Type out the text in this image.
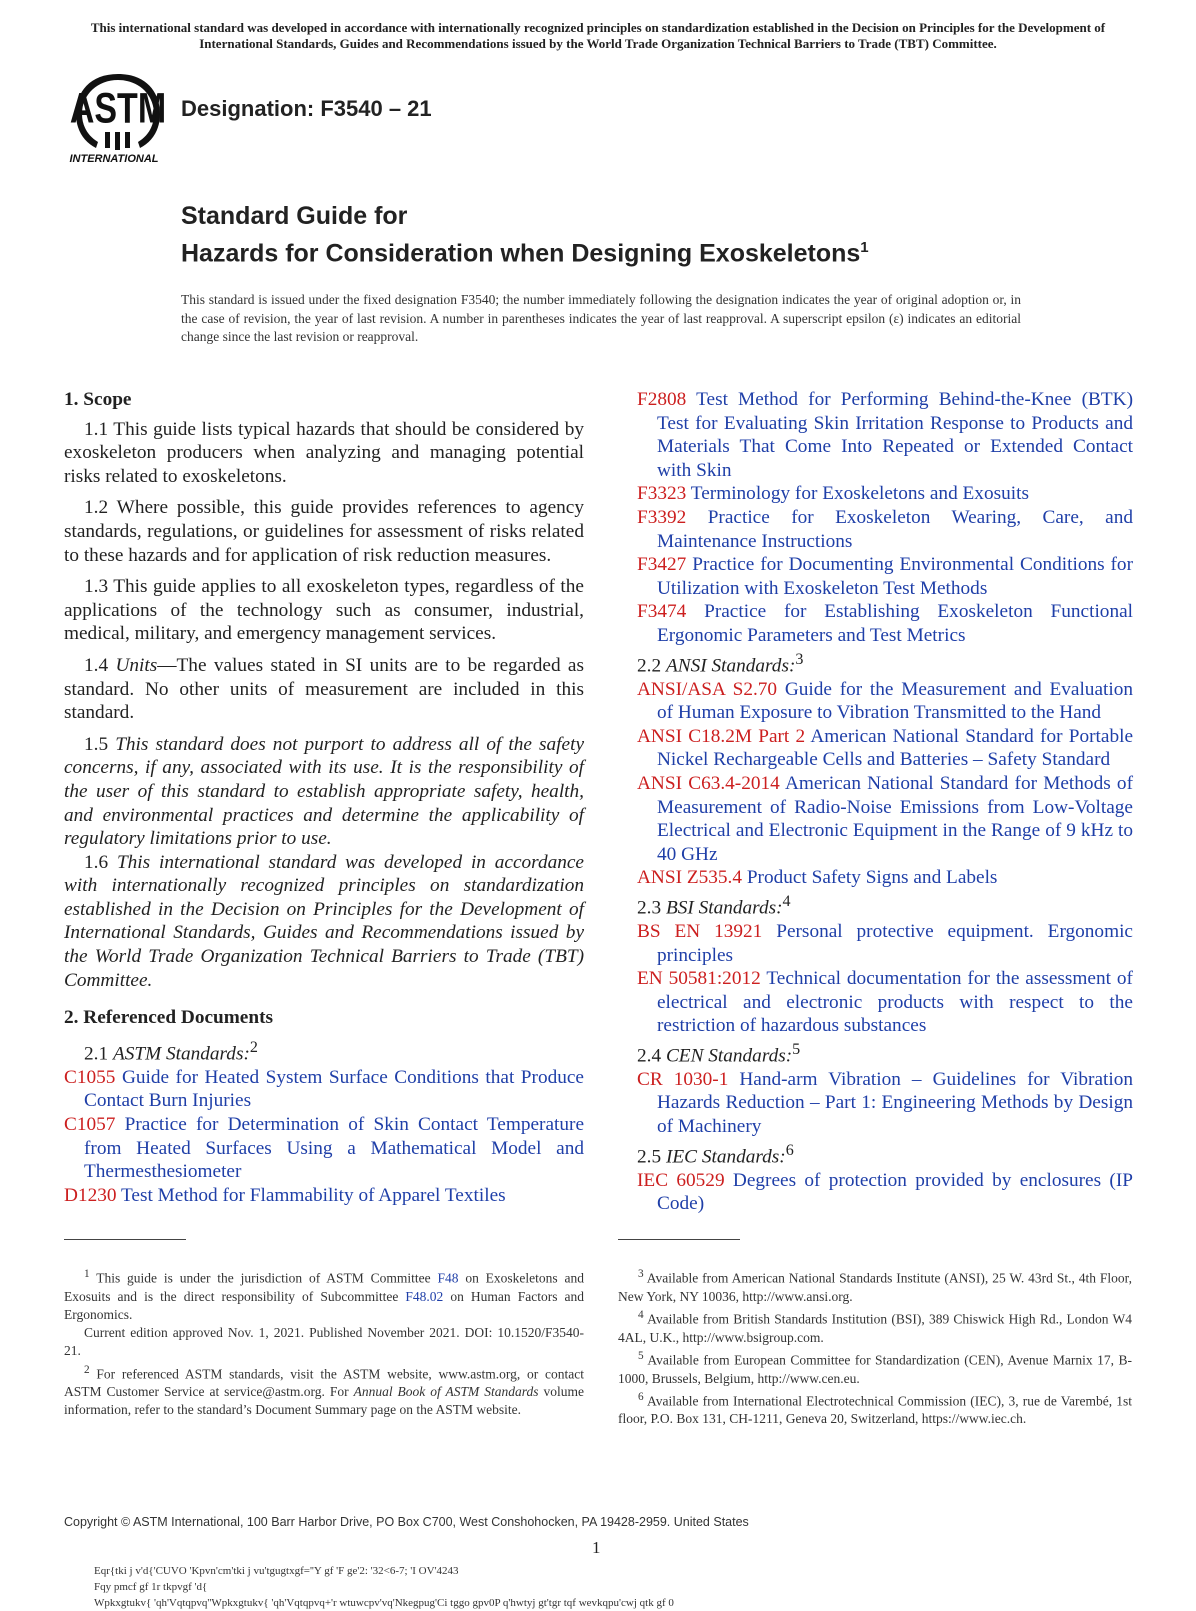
This international standard was developed in accordance with internationally recognized principles on standardization established in the Decision on Principles for the Development of International Standards, Guides and Recommendations issued by the World Trade Organization Technical Barriers to Trade (TBT) Committee.
ASTM
INTERNATIONAL
Designation: F3540 – 21
Standard Guide for
Hazards for Consideration when Designing Exoskeletons$^1$
This standard is issued under the fixed designation F3540; the number immediately following the designation indicates the year of original adoption or, in the case of revision, the year of last revision. A number in parentheses indicates the year of last reapproval. A superscript epsilon (ε) indicates an editorial change since the last revision or reapproval.
1. Scope

1.1 This guide lists typical hazards that should be considered by exoskeleton producers when analyzing and managing potential risks related to exoskeletons.

1.2 Where possible, this guide provides references to agency standards, regulations, or guidelines for assessment of risks related to these hazards and for application of risk reduction measures.

1.3 This guide applies to all exoskeleton types, regardless of the applications of the technology such as consumer, industrial, medical, military, and emergency management services.

1.4 Units—The values stated in SI units are to be regarded as standard. No other units of measurement are included in this standard.

1.5 This standard does not purport to address all of the safety concerns, if any, associated with its use. It is the responsibility of the user of this standard to establish appropriate safety, health, and environmental practices and determine the applicability of regulatory limitations prior to use.

1.6 This international standard was developed in accordance with internationally recognized principles on standardization established in the Decision on Principles for the Development of International Standards, Guides and Recommendations issued by the World Trade Organization Technical Barriers to Trade (TBT) Committee.

2. Referenced Documents

2.1 ASTM Standards:$^2$

C1055 Guide for Heated System Surface Conditions that Produce Contact Burn Injuries

C1057 Practice for Determination of Skin Contact Temperature from Heated Surfaces Using a Mathematical Model and Thermesthesiometer

D1230 Test Method for Flammability of Apparel Textiles

F2808 Test Method for Performing Behind-the-Knee (BTK) Test for Evaluating Skin Irritation Response to Products and Materials That Come Into Repeated or Extended Contact with Skin

F3323 Terminology for Exoskeletons and Exosuits

F3392 Practice for Exoskeleton Wearing, Care, and Maintenance Instructions

F3427 Practice for Documenting Environmental Conditions for Utilization with Exoskeleton Test Methods

F3474 Practice for Establishing Exoskeleton Functional Ergonomic Parameters and Test Metrics

2.2 ANSI Standards:$^3$

ANSI/ASA S2.70 Guide for the Measurement and Evaluation of Human Exposure to Vibration Transmitted to the Hand

ANSI C18.2M Part 2 American National Standard for Portable Nickel Rechargeable Cells and Batteries – Safety Standard

ANSI C63.4-2014 American National Standard for Methods of Measurement of Radio-Noise Emissions from Low-Voltage Electrical and Electronic Equipment in the Range of 9 kHz to 40 GHz

ANSI Z535.4 Product Safety Signs and Labels

2.3 BSI Standards:$^4$

BS EN 13921 Personal protective equipment. Ergonomic principles

EN 50581:2012 Technical documentation for the assessment of electrical and electronic products with respect to the restriction of hazardous substances

2.4 CEN Standards:$^5$

CR 1030-1 Hand-arm Vibration – Guidelines for Vibration Hazards Reduction – Part 1: Engineering Methods by Design of Machinery

2.5 IEC Standards:$^6$

IEC 60529 Degrees of protection provided by enclosures (IP Code)

$^1$ This guide is under the jurisdiction of ASTM Committee F48 on Exoskeletons and Exosuits and is the direct responsibility of Subcommittee F48.02 on Human Factors and Ergonomics.

Current edition approved Nov. 1, 2021. Published November 2021. DOI: 10.1520/F3540-21.

$^2$ For referenced ASTM standards, visit the ASTM website, www.astm.org, or contact ASTM Customer Service at service@astm.org. For Annual Book of ASTM Standards volume information, refer to the standard’s Document Summary page on the ASTM website.

$^3$ Available from American National Standards Institute (ANSI), 25 W. 43rd St., 4th Floor, New York, NY 10036, http://www.ansi.org.

$^4$ Available from British Standards Institution (BSI), 389 Chiswick High Rd., London W4 4AL, U.K., http://www.bsigroup.com.

$^5$ Available from European Committee for Standardization (CEN), Avenue Marnix 17, B-1000, Brussels, Belgium, http://www.cen.eu.

$^6$ Available from International Electrotechnical Commission (IEC), 3, rue de Varembé, 1st floor, P.O. Box 131, CH-1211, Geneva 20, Switzerland, https://www.iec.ch.

Copyright © ASTM International, 100 Barr Harbor Drive, PO Box C700, West Conshohocken, PA 19428-2959. United States
1
Eqr{tki j v'd{'CUVO 'Kpvn'cm'tki j vu'tgugtxgf=''Y gf 'F ge'2: '32<6-7; 'I OV'4243
Fqy pmcf gf 1r tkpvgf 'd{
Wpkxgtukv{ 'qh'Vqtqpvq''Wpkxgtukv{ 'qh'Vqtqpvq+'r wtuwcpv'vq'Nkegpug'Ci tggo gpv0P q'hwtyj gt'tgr tqf wevkqpu'cwj qtk gf 0
